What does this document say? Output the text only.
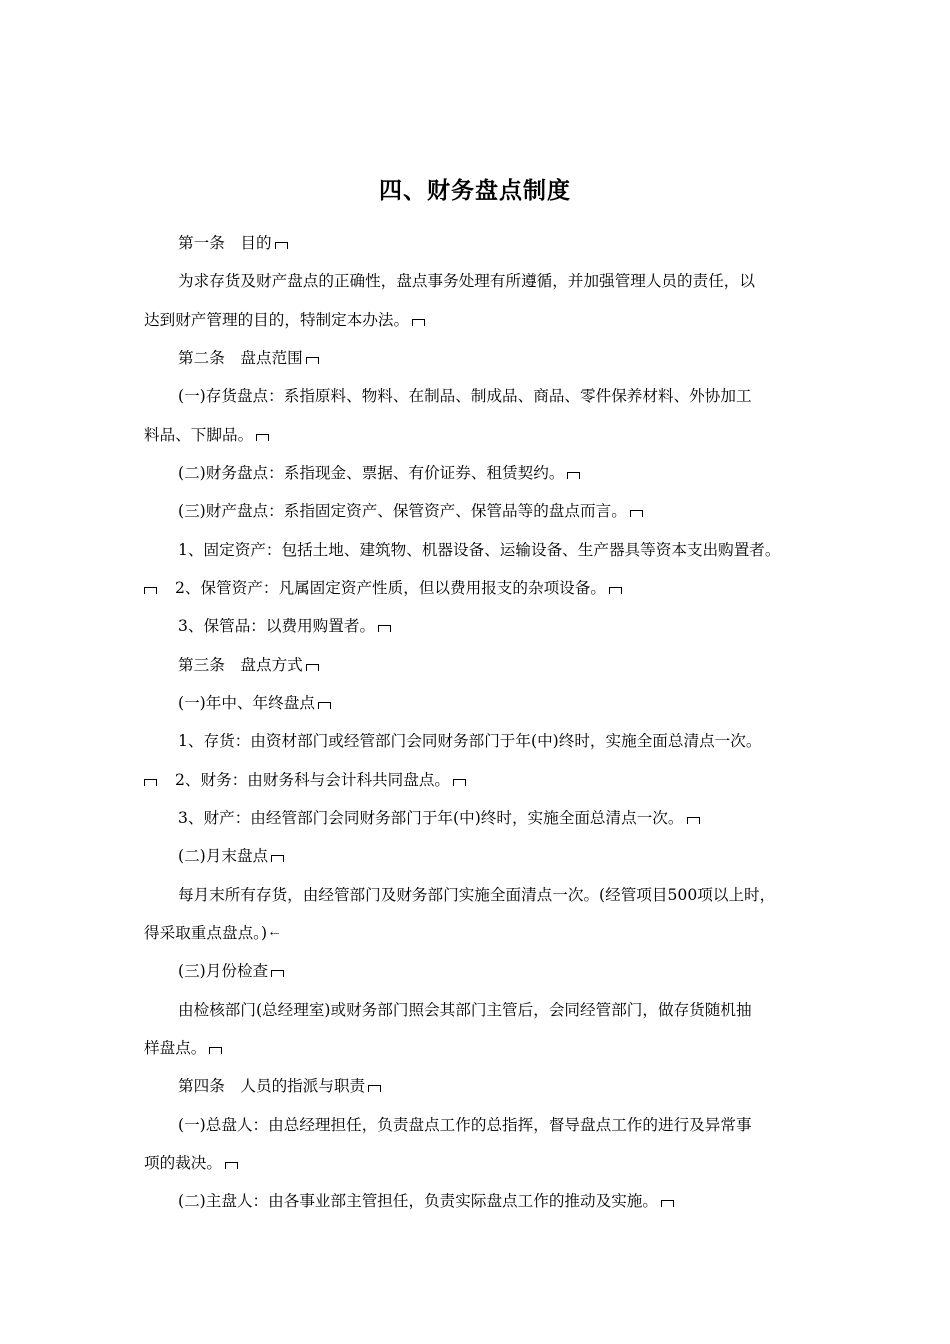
四、财务盘点制度
第一条　目的
为求存货及财产盘点的正确性，盘点事务处理有所遵循，并加强管理人员的责任，以
达到财产管理的目的，特制定本办法。
第二条　盘点范围
(一)存货盘点：系指原料、物料、在制品、制成品、商品、零件保养材料、外协加工
料品、下脚品。
(二)财务盘点：系指现金、票据、有价证券、租赁契约。
(三)财产盘点：系指固定资产、保管资产、保管品等的盘点而言。
1、固定资产：包括土地、建筑物、机器设备、运输设备、生产器具等资本支出购置者。
2、保管资产：凡属固定资产性质，但以费用报支的杂项设备。
3、保管品：以费用购置者。
第三条　盘点方式
(一)年中、年终盘点
1、存货：由资材部门或经管部门会同财务部门于年(中)终时，实施全面总清点一次。
2、财务：由财务科与会计科共同盘点。
3、财产：由经管部门会同财务部门于年(中)终时，实施全面总清点一次。
(二)月末盘点
每月末所有存货，由经管部门及财务部门实施全面清点一次。(经管项目500项以上时，
得采取重点盘点。) ⇠
(三)月份检查
由检核部门(总经理室)或财务部门照会其部门主管后，会同经管部门，做存货随机抽
样盘点。
第四条　人员的指派与职责
(一)总盘人：由总经理担任，负责盘点工作的总指挥，督导盘点工作的进行及异常事
项的裁决。
(二)主盘人：由各事业部主管担任，负责实际盘点工作的推动及实施。
